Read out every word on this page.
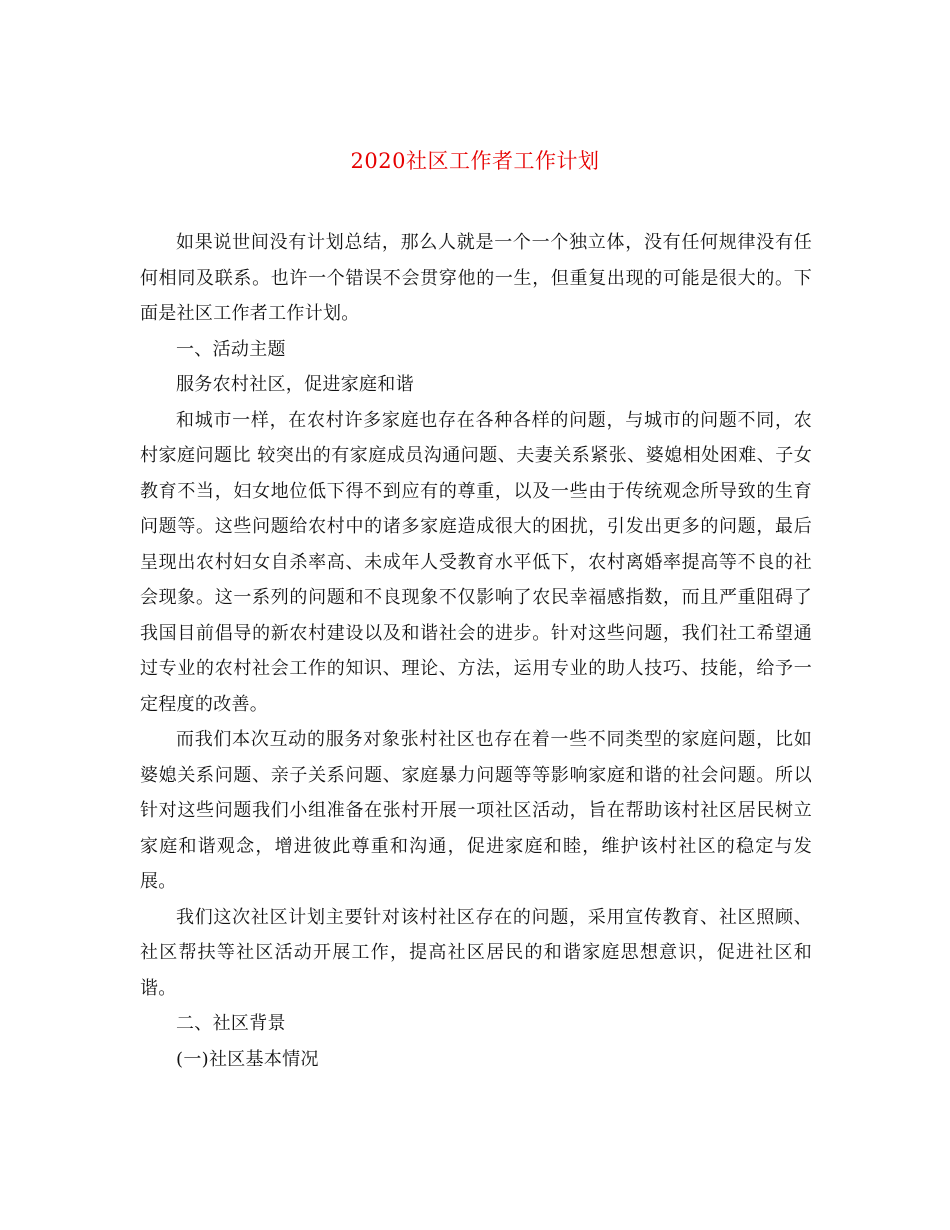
2020社区工作者工作计划

如果说世间没有计划总结，那么人就是一个一个独立体，没有任何规律没有任何相同及联系。也许一个错误不会贯穿他的一生，但重复出现的可能是很大的。下面是社区工作者工作计划。

一、活动主题

服务农村社区，促进家庭和谐

和城市一样，在农村许多家庭也存在各种各样的问题，与城市的问题不同，农村家庭问题比 较突出的有家庭成员沟通问题、夫妻关系紧张、婆媳相处困难、子女教育不当，妇女地位低下得不到应有的尊重，以及一些由于传统观念所导致的生育问题等。这些问题给农村中的诸多家庭造成很大的困扰，引发出更多的问题，最后呈现出农村妇女自杀率高、未成年人受教育水平低下，农村离婚率提高等不良的社会现象。这一系列的问题和不良现象不仅影响了农民幸福感指数，而且严重阻碍了我国目前倡导的新农村建设以及和谐社会的进步。针对这些问题，我们社工希望通过专业的农村社会工作的知识、理论、方法，运用专业的助人技巧、技能，给予一定程度的改善。

而我们本次互动的服务对象张村社区也存在着一些不同类型的家庭问题，比如婆媳关系问题、亲子关系问题、家庭暴力问题等等影响家庭和谐的社会问题。所以针对这些问题我们小组准备在张村开展一项社区活动，旨在帮助该村社区居民树立家庭和谐观念，增进彼此尊重和沟通，促进家庭和睦，维护该村社区的稳定与发展。

我们这次社区计划主要针对该村社区存在的问题，采用宣传教育、社区照顾、社区帮扶等社区活动开展工作，提高社区居民的和谐家庭思想意识，促进社区和谐。

二、社区背景

(一)社区基本情况
